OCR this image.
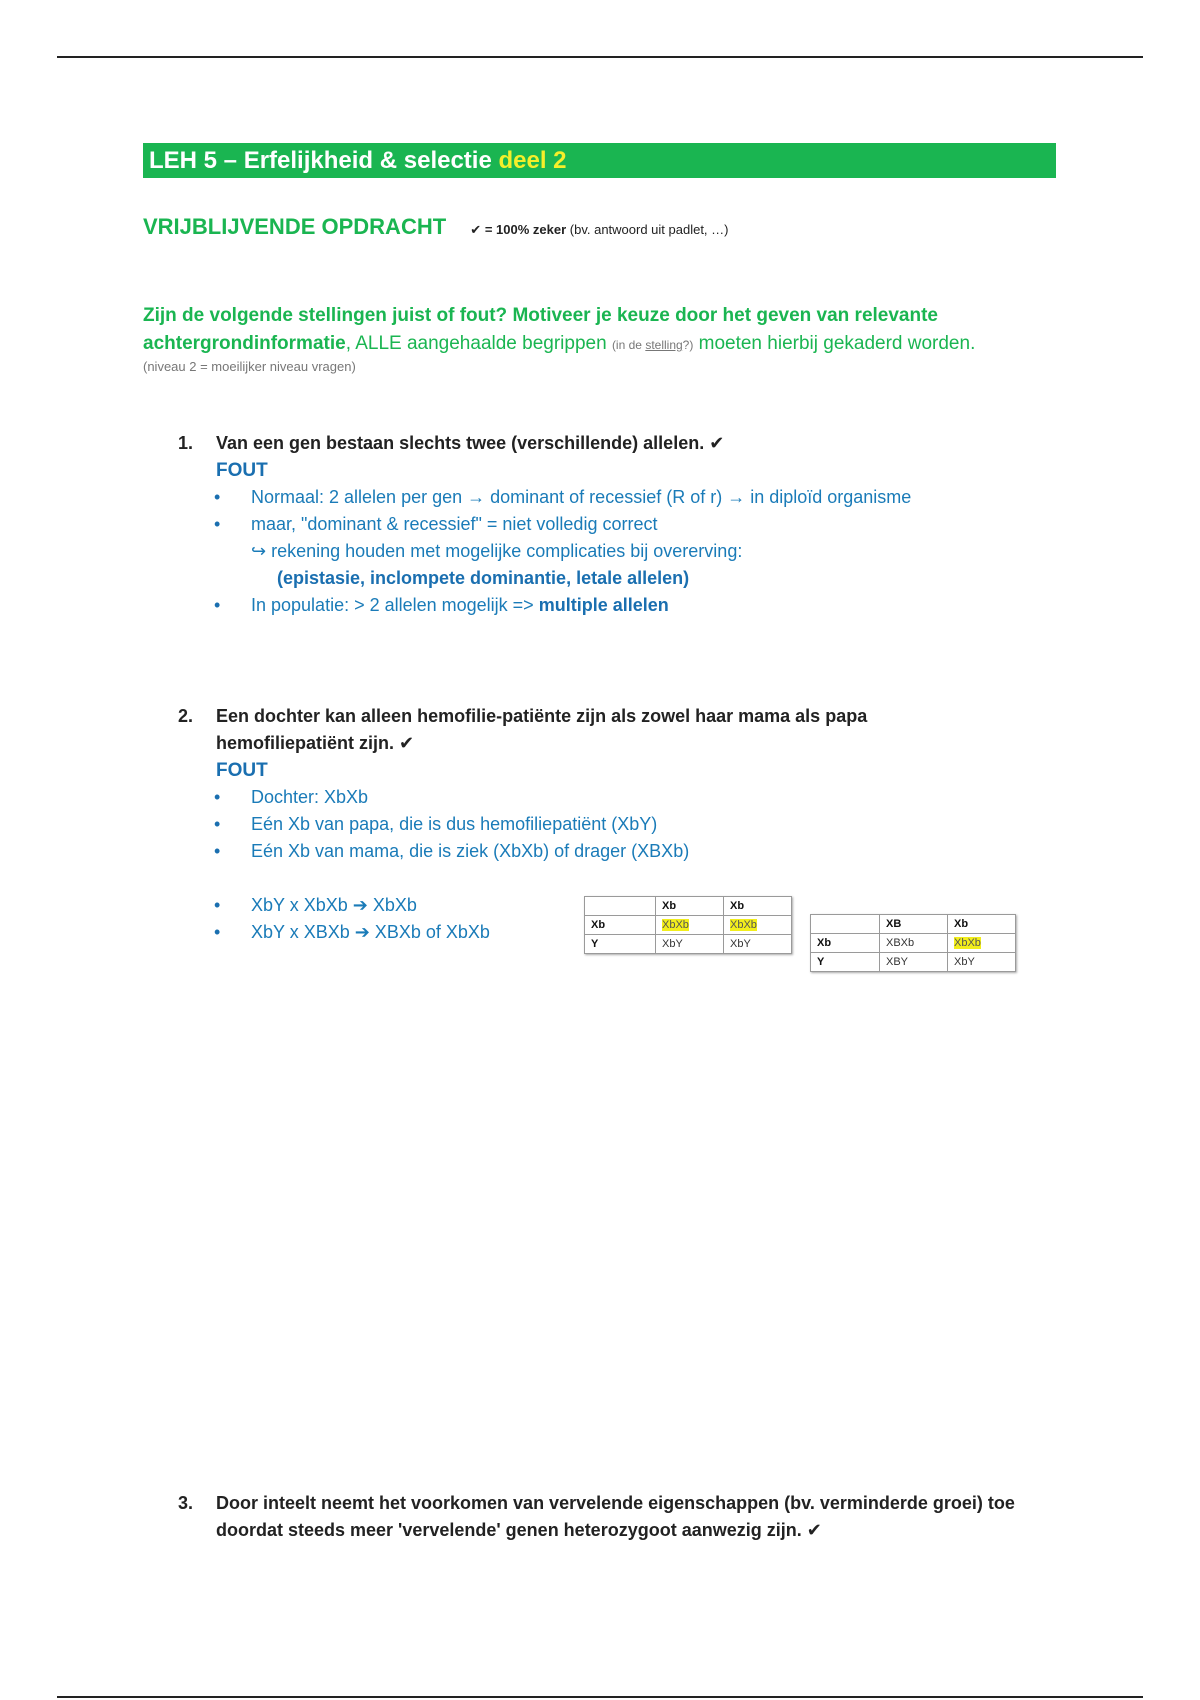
LEH 5 – Erfelijkheid & selectie deel 2
VRIJBLIJVENDE OPDRACHT ✔ = 100% zeker (bv. antwoord uit padlet, …)
Zijn de volgende stellingen juist of fout? Motiveer je keuze door het geven van relevante achtergrondinformatie, ALLE aangehaalde begrippen (in de stelling?) moeten hierbij gekaderd worden.
(niveau 2 = moeilijker niveau vragen)
1.	Van een gen bestaan slechts twee (verschillende) allelen. ✔
FOUT
• Normaal: 2 allelen per gen → dominant of recessief (R of r) → in diploïd organisme
• maar, "dominant & recessief" = niet volledig correct
↪ rekening houden met mogelijke complicaties bij overerving:
(epistasie, inclompete dominantie, letale allelen)
• In populatie: > 2 allelen mogelijk => multiple allelen
2.	Een dochter kan alleen hemofilie-patiënte zijn als zowel haar mama als papa hemofiliepatiënt zijn. ✔
FOUT
• Dochter: XbXb
• Eén Xb van papa, die is dus hemofiliepatiënt (XbY)
• Eén Xb van mama, die is ziek (XbXb) of drager (XBXb)
• XbY x XbXb ➔ XbXb
• XbY x XBXb ➔ XBXb of XbXb
	Xb	Xb
Xb	XbXb	XbXb
Y	XbY	XbY
	XB	Xb
Xb	XBXb	XbXb
Y	XBY	XbY
3.	Door inteelt neemt het voorkomen van vervelende eigenschappen (bv. verminderde groei) toe doordat steeds meer 'vervelende' genen heterozygoot aanwezig zijn. ✔
